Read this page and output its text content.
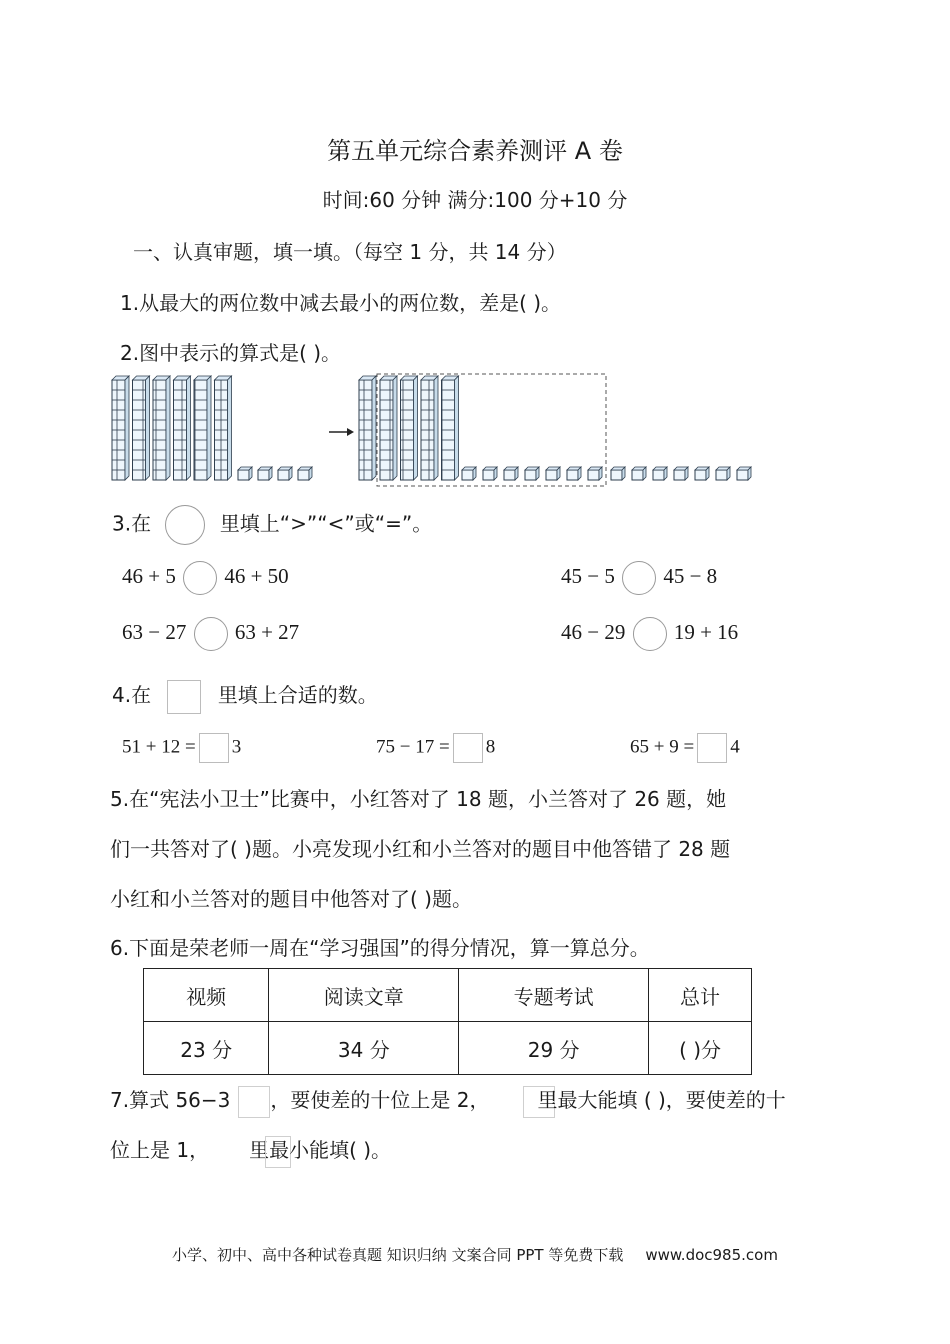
第五单元综合素养测评 A 卷
时间:60 分钟 满分:100 分+10 分
一、认真审题，填一填。（每空 1 分，共 14 分）
1.从最大的两位数中减去最小的两位数，差是( )。
2.图中表示的算式是( )。
3.在	里填上“>”“<”或“=”。
46 + 5 46 + 50	45 − 5 45 − 8
63 − 27 63 + 27	46 − 29 19 + 16
4.在	里填上合适的数。
51 + 12 = 3	75 − 17 = 8	65 + 9 = 4
5.在“宪法小卫士”比赛中，小红答对了 18 题，小兰答对了 26 题，她
们一共答对了( )题。小亮发现小红和小兰答对的题目中他答错了 28 题
小红和小兰答对的题目中他答对了( )题。
6.下面是荣老师一周在“学习强国”的得分情况，算一算总分。
视频	阅读文章	专题考试	总计
23 分	34 分	29 分	( )分
7.算式 56−3 ，要使差的十位上是 2， 里最大能填 ( )，要使差的十
位上是 1， 里最小能填( )。
小学、初中、高中各种试卷真题 知识归纳 文案合同 PPT 等免费下载 www.doc985.com
